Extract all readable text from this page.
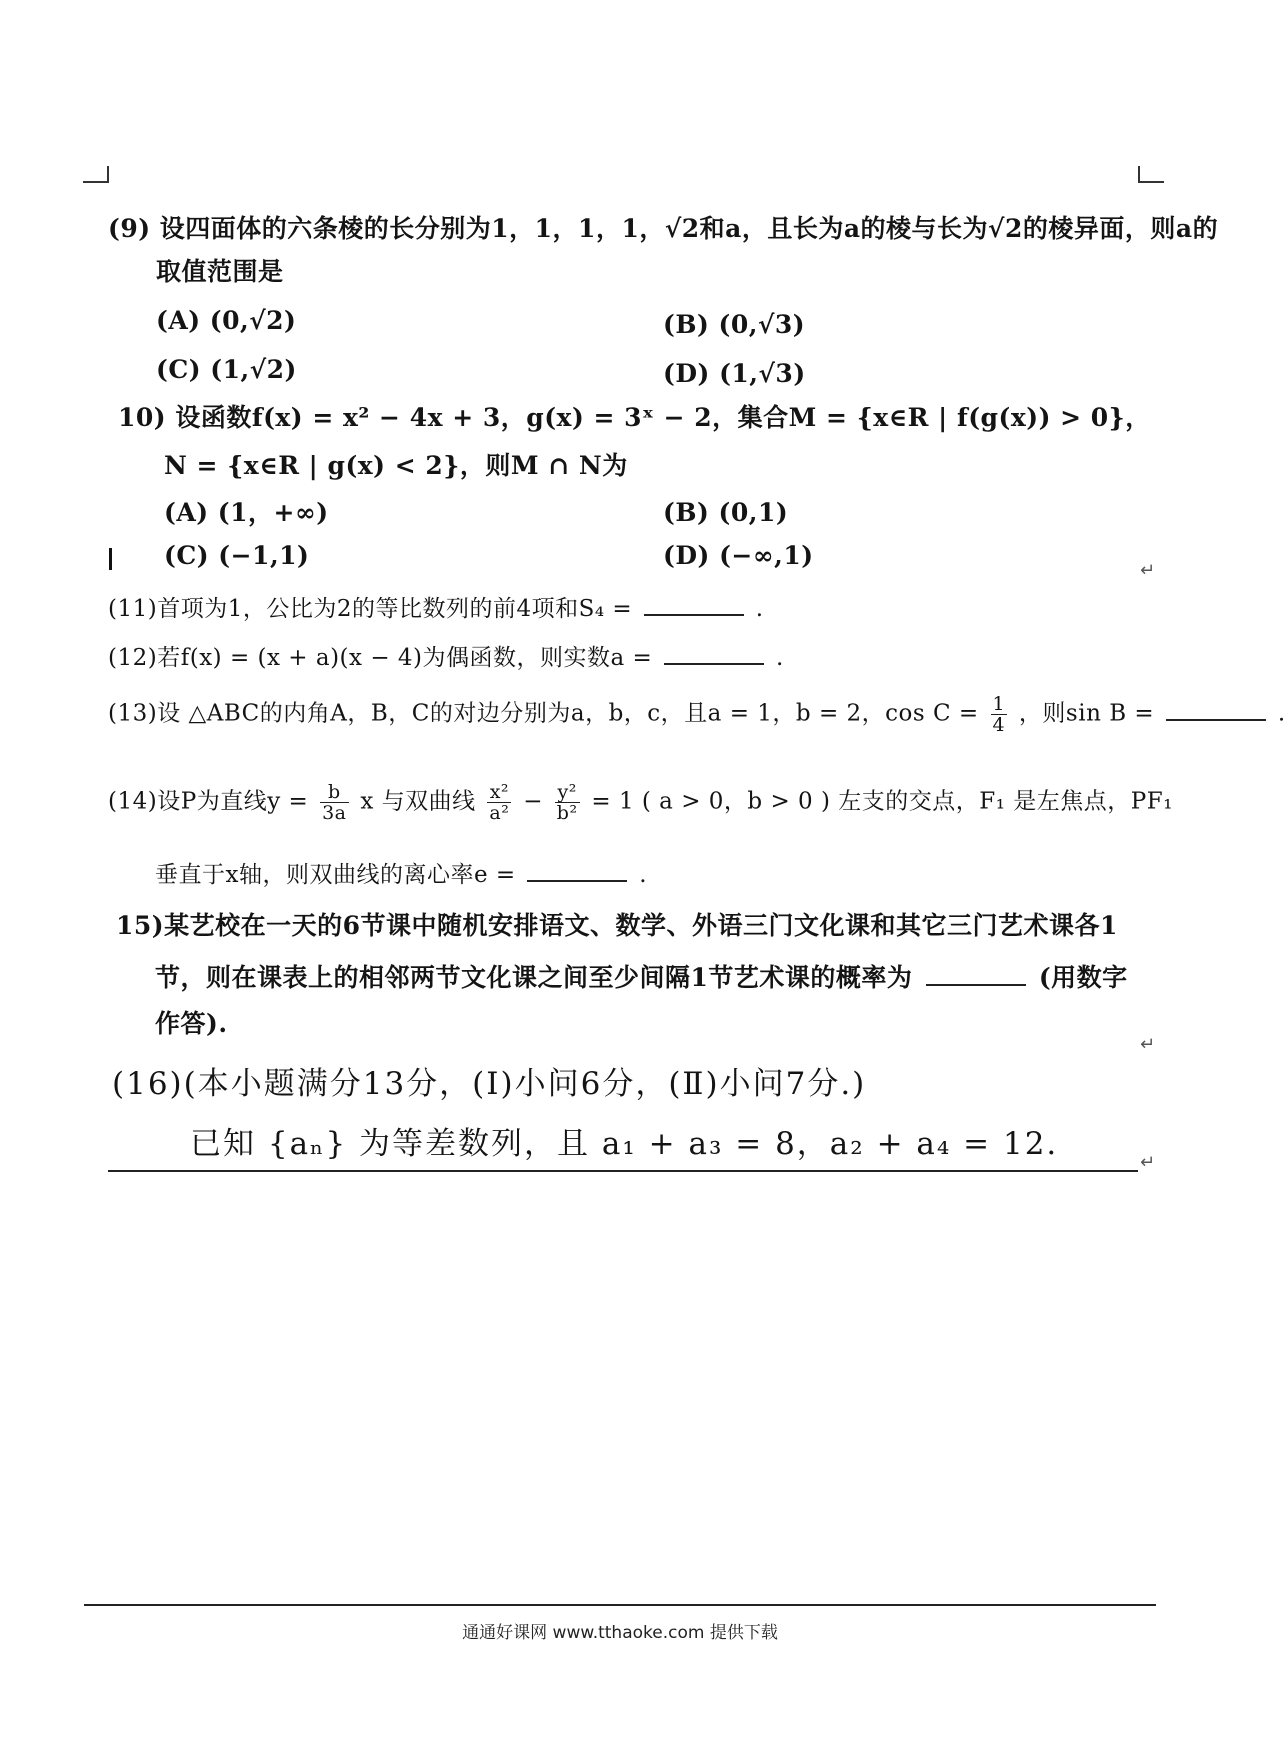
(9) 设四面体的六条棱的长分别为1，1，1，1，√2和a，且长为a的棱与长为√2的棱异面，则a的
取值范围是
(A) (0,√2)	(B) (0,√3)
(C) (1,√2)	(D) (1,√3)
10) 设函数f(x) = x² − 4x + 3，g(x) = 3ˣ − 2，集合M = {x∈R | f(g(x)) > 0}，
N = {x∈R | g(x) < 2}，则M ∩ N为
(A) (1，+∞)	(B) (0,1)
(C) (−1,1)	(D) (−∞,1)
↵
(11)首项为1，公比为2的等比数列的前4项和S₄ =	.
(12)若f(x) = (x + a)(x − 4)为偶函数，则实数a =	.
(13)设 △ABC的内角A，B，C的对边分别为a，b，c，且a = 1，b = 2，$\cos C = \frac{1}{4}$ ，则sin B =	.
(14)设P为直线$y = \frac{b}{3a}$ x 与双曲线 $\frac{\text{x²}}{\text{a²}} - \frac{\text{y²}}{\text{b²}} = 1$ ( a > 0，b > 0 ) 左支的交点，F₁ 是左焦点，PF₁
垂直于x轴，则双曲线的离心率e =	.
15)某艺校在一天的6节课中随机安排语文、数学、外语三门文化课和其它三门艺术课各1
节，则在课表上的相邻两节文化课之间至少间隔1节艺术课的概率为	(用数字
作答).
↵
(16)(本小题满分13分，(Ⅰ)小问6分，(Ⅱ)小问7分.)
已知 {aₙ} 为等差数列，且 a₁ + a₃ = 8，a₂ + a₄ = 12.
↵
通通好课网 www.tthaoke.com 提供下载
